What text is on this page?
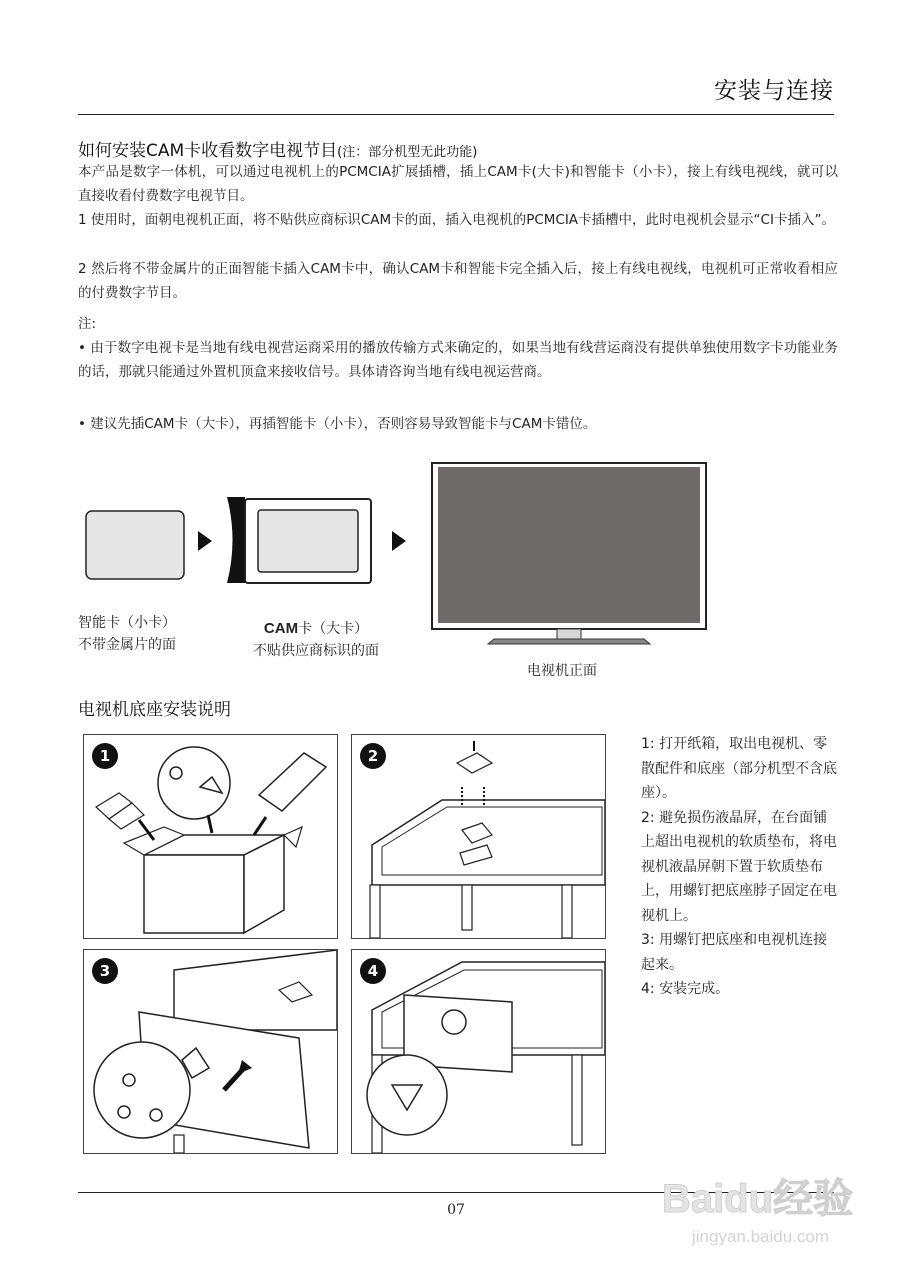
安装与连接
如何安装CAM卡收看数字电视节目(注：部分机型无此功能)
本产品是数字一体机，可以通过电视机上的PCMCIA扩展插槽，插上CAM卡(大卡)和智能卡（小卡），接上有线电视线，就可以直接收看付费数字电视节目。
1 使用时，面朝电视机正面，将不贴供应商标识CAM卡的面，插入电视机的PCMCIA卡插槽中，此时电视机会显示“CI卡插入”。
2 然后将不带金属片的正面智能卡插入CAM卡中，确认CAM卡和智能卡完全插入后，接上有线电视线，电视机可正常收看相应的付费数字节目。
注:
• 由于数字电视卡是当地有线电视营运商采用的播放传输方式来确定的，如果当地有线营运商没有提供单独使用数字卡功能业务的话，那就只能通过外置机顶盒来接收信号。具体请咨询当地有线电视运营商。
• 建议先插CAM卡（大卡），再插智能卡（小卡），否则容易导致智能卡与CAM卡错位。
智能卡（小卡）
不带金属片的面
CAM卡（大卡）
不贴供应商标识的面
电视机正面
电视机底座安装说明
1	2
3	4
1: 打开纸箱，取出电视机、零散配件和底座（部分机型不含底座）。
2: 避免损伤液晶屏，在台面铺上超出电视机的软质垫布，将电视机液晶屏朝下置于软质垫布上，用螺钉把底座脖子固定在电视机上。
3: 用螺钉把底座和电视机连接起来。
4: 安装完成。
07	Baidu经验
jingyan.baidu.com
